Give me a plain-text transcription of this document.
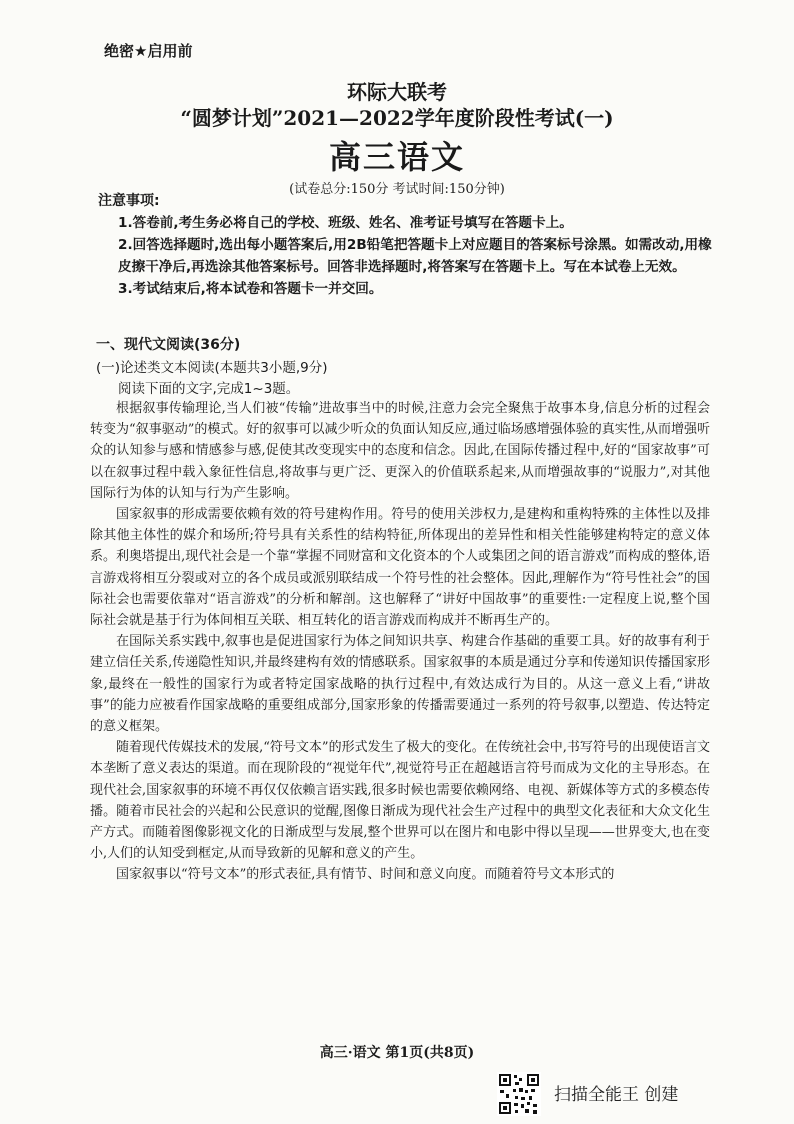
绝密★启用前
环际大联考
“圆梦计划”2021—2022学年度阶段性考试(一)
高三语文
(试卷总分:150分 考试时间:150分钟)
注意事项:

1.答卷前,考生务必将自己的学校、班级、姓名、准考证号填写在答题卡上。

2.回答选择题时,选出每小题答案后,用2B铅笔把答题卡上对应题目的答案标号涂黑。如需改动,用橡皮擦干净后,再选涂其他答案标号。回答非选择题时,将答案写在答题卡上。写在本试卷上无效。

3.考试结束后,将本试卷和答题卡一并交回。

一、现代文阅读(36分)
(一)论述类文本阅读(本题共3小题,9分)
阅读下面的文字,完成1~3题。

根据叙事传输理论,当人们被“传输”进故事当中的时候,注意力会完全聚焦于故事本身,信息分析的过程会转变为“叙事驱动”的模式。好的叙事可以减少听众的负面认知反应,通过临场感增强体验的真实性,从而增强听众的认知参与感和情感参与感,促使其改变现实中的态度和信念。因此,在国际传播过程中,好的“国家故事”可以在叙事过程中载入象征性信息,将故事与更广泛、更深入的价值联系起来,从而增强故事的“说服力”,对其他国际行为体的认知与行为产生影响。

国家叙事的形成需要依赖有效的符号建构作用。符号的使用关涉权力,是建构和重构特殊的主体性以及排除其他主体性的媒介和场所;符号具有关系性的结构特征,所体现出的差异性和相关性能够建构特定的意义体系。利奥塔提出,现代社会是一个靠“掌握不同财富和文化资本的个人或集团之间的语言游戏”而构成的整体,语言游戏将相互分裂或对立的各个成员或派别联结成一个符号性的社会整体。因此,理解作为“符号性社会”的国际社会也需要依靠对“语言游戏”的分析和解剖。这也解释了“讲好中国故事”的重要性:一定程度上说,整个国际社会就是基于行为体间相互关联、相互转化的语言游戏而构成并不断再生产的。

在国际关系实践中,叙事也是促进国家行为体之间知识共享、构建合作基础的重要工具。好的故事有利于建立信任关系,传递隐性知识,并最终建构有效的情感联系。国家叙事的本质是通过分享和传递知识传播国家形象,最终在一般性的国家行为或者特定国家战略的执行过程中,有效达成行为目的。从这一意义上看,“讲故事”的能力应被看作国家战略的重要组成部分,国家形象的传播需要通过一系列的符号叙事,以塑造、传达特定的意义框架。

随着现代传媒技术的发展,“符号文本”的形式发生了极大的变化。在传统社会中,书写符号的出现使语言文本垄断了意义表达的渠道。而在现阶段的“视觉年代”,视觉符号正在超越语言符号而成为文化的主导形态。在现代社会,国家叙事的环境不再仅仅依赖言语实践,很多时候也需要依赖网络、电视、新媒体等方式的多模态传播。随着市民社会的兴起和公民意识的觉醒,图像日渐成为现代社会生产过程中的典型文化表征和大众文化生产方式。而随着图像影视文化的日渐成型与发展,整个世界可以在图片和电影中得以呈现——世界变大,也在变小,人们的认知受到框定,从而导致新的见解和意义的产生。

国家叙事以“符号文本”的形式表征,具有情节、时间和意义向度。而随着符号文本形式的

高三·语文 第1页(共8页)
扫描全能王 创建
